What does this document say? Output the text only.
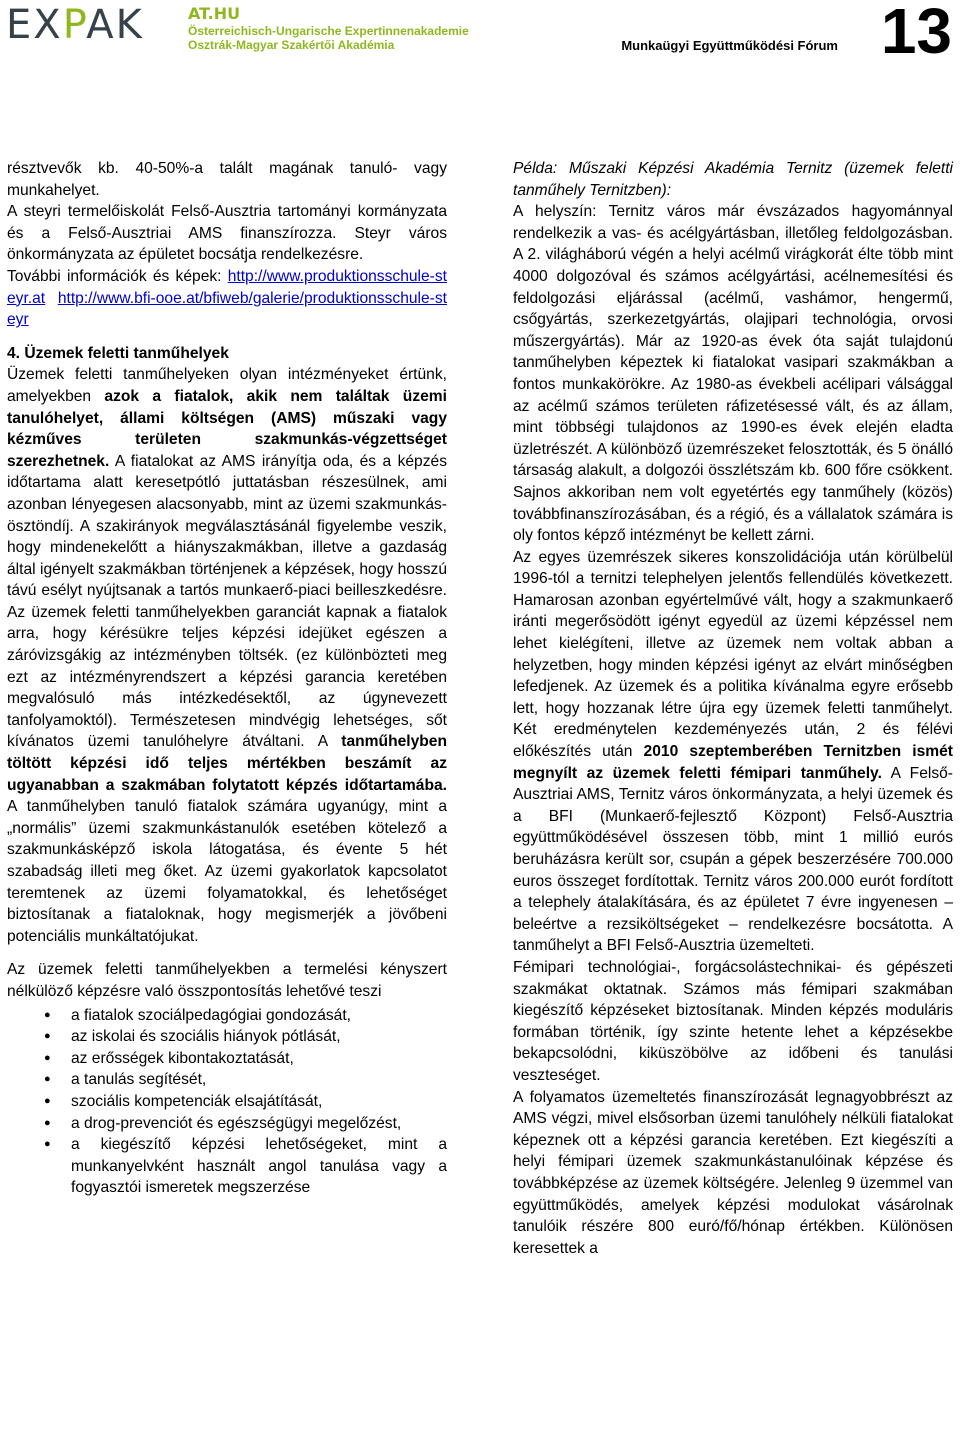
EXPAK	AT.HU
Österreichisch-Ungarische Expertinnenakademie
Osztrák-Magyar Szakértői Akadémia	Munkaügyi Együttműködési Fórum 13

résztvevők kb. 40-50%-a talált magának tanuló- vagy munkahelyet.

A steyri termelőiskolát Felső-Ausztria tartományi kormányzata és a Felső-Ausztriai AMS finanszírozza. Steyr város önkormányzata az épületet bocsátja rendelkezésre.

További információk és képek: http://www.produktionsschule-steyr.at http://www.bfi-ooe.at/bfiweb/galerie/produktionsschule-steyr

4. Üzemek feletti tanműhelyek
Üzemek feletti tanműhelyeken olyan intézményeket értünk, amelyekben azok a fiatalok, akik nem találtak üzemi tanulóhelyet, állami költségen (AMS) műszaki vagy kézműves területen szakmunkás-végzettséget szerezhetnek. A fiatalokat az AMS irányítja oda, és a képzés időtartama alatt keresetpótló juttatásban részesülnek, ami azonban lényegesen alacsonyabb, mint az üzemi szakmunkás-ösztöndíj. A szakirányok megválasztásánál figyelembe veszik, hogy mindenekelőtt a hiányszakmákban, illetve a gazdaság által igényelt szakmákban történjenek a képzések, hogy hosszú távú esélyt nyújtsanak a tartós munkaerő-piaci beilleszkedésre. Az üzemek feletti tanműhelyekben garanciát kapnak a fiatalok arra, hogy kérésükre teljes képzési idejüket egészen a záróvizsgákig az intézményben töltsék. (ez különbözteti meg ezt az intézményrendszert a képzési garancia keretében megvalósuló más intézkedésektől, az úgynevezett tanfolyamoktól). Természetesen mindvégig lehetséges, sőt kívánatos üzemi tanulóhelyre átváltani. A tanműhelyben töltött képzési idő teljes mértékben beszámít az ugyanabban a szakmában folytatott képzés időtartamába. A tanműhelyben tanuló fiatalok számára ugyanúgy, mint a „normális” üzemi szakmunkástanulók esetében kötelező a szakmunkásképző iskola látogatása, és évente 5 hét szabadság illeti meg őket. Az üzemi gyakorlatok kapcsolatot teremtenek az üzemi folyamatokkal, és lehetőséget biztosítanak a fiataloknak, hogy megismerjék a jövőbeni potenciális munkáltatójukat.

Az üzemek feletti tanműhelyekben a termelési kényszert nélkülöző képzésre való összpontosítás lehetővé teszi

● a fiatalok szociálpedagógiai gondozását,
● az iskolai és szociális hiányok pótlását,
● az erősségek kibontakoztatását,
● a tanulás segítését,
● szociális kompetenciák elsajátítását,
● a drog-prevenciót és egészségügyi megelőzést,
● a kiegészítő képzési lehetőségeket, mint a munkanyelvként használt angol tanulása vagy a fogyasztói ismeretek megszerzése

Példa: Műszaki Képzési Akadémia Ternitz (üzemek feletti tanműhely Ternitzben):

A helyszín: Ternitz város már évszázados hagyománnyal rendelkezik a vas- és acélgyártásban, illetőleg feldolgozásban. A 2. világháború végén a helyi acélmű virágkorát élte több mint 4000 dolgozóval és számos acélgyártási, acélnemesítési és feldolgozási eljárással (acélmű, vashámor, hengermű, csőgyártás, szerkezetgyártás, olajipari technológia, orvosi műszergyártás). Már az 1920-as évek óta saját tulajdonú tanműhelyben képeztek ki fiatalokat vasipari szakmákban a fontos munkakörökre. Az 1980-as évekbeli acélipari válsággal az acélmű számos területen ráfizetésessé vált, és az állam, mint többségi tulajdonos az 1990-es évek elején eladta üzletrészét. A különböző üzemrészeket felosztották, és 5 önálló társaság alakult, a dolgozói összlétszám kb. 600 főre csökkent. Sajnos akkoriban nem volt egyetértés egy tanműhely (közös) továbbfinanszírozásában, és a régió, és a vállalatok számára is oly fontos képző intézményt be kellett zárni.

Az egyes üzemrészek sikeres konszolidációja után körülbelül 1996-tól a ternitzi telephelyen jelentős fellendülés következett. Hamarosan azonban egyértelművé vált, hogy a szakmunkaerő iránti megerősödött igényt egyedül az üzemi képzéssel nem lehet kielégíteni, illetve az üzemek nem voltak abban a helyzetben, hogy minden képzési igényt az elvárt minőségben lefedjenek. Az üzemek és a politika kívánalma egyre erősebb lett, hogy hozzanak létre újra egy üzemek feletti tanműhelyt. Két eredménytelen kezdeményezés után, 2 és félévi előkészítés után 2010 szeptemberében Ternitzben ismét megnyílt az üzemek feletti fémipari tanműhely. A Felső-Ausztriai AMS, Ternitz város önkormányzata, a helyi üzemek és a BFI (Munkaerő-fejlesztő Központ) Felső-Ausztria együttműködésével összesen több, mint 1 millió eurós beruházásra került sor, csupán a gépek beszerzésére 700.000 euros összeget fordítottak. Ternitz város 200.000 eurót fordított a telephely átalakítására, és az épületet 7 évre ingyenesen – beleértve a rezsiköltségeket – rendelkezésre bocsátotta. A tanműhelyt a BFI Felső-Ausztria üzemelteti.

Fémipari technológiai-, forgácsolástechnikai- és gépészeti szakmákat oktatnak. Számos más fémipari szakmában kiegészítő képzéseket biztosítanak. Minden képzés moduláris formában történik, így szinte hetente lehet a képzésekbe bekapcsolódni, kiküszöbölve az időbeni és tanulási veszteséget.

A folyamatos üzemeltetés finanszírozását legnagyobbrészt az AMS végzi, mivel elsősorban üzemi tanulóhely nélküli fiatalokat képeznek ott a képzési garancia keretében. Ezt kiegészíti a helyi fémipari üzemek szakmunkástanulóinak képzése és továbbképzése az üzemek költségére. Jelenleg 9 üzemmel van együttműködés, amelyek képzési modulokat vásárolnak tanulóik részére 800 euró/fő/hónap értékben. Különösen keresettek a
